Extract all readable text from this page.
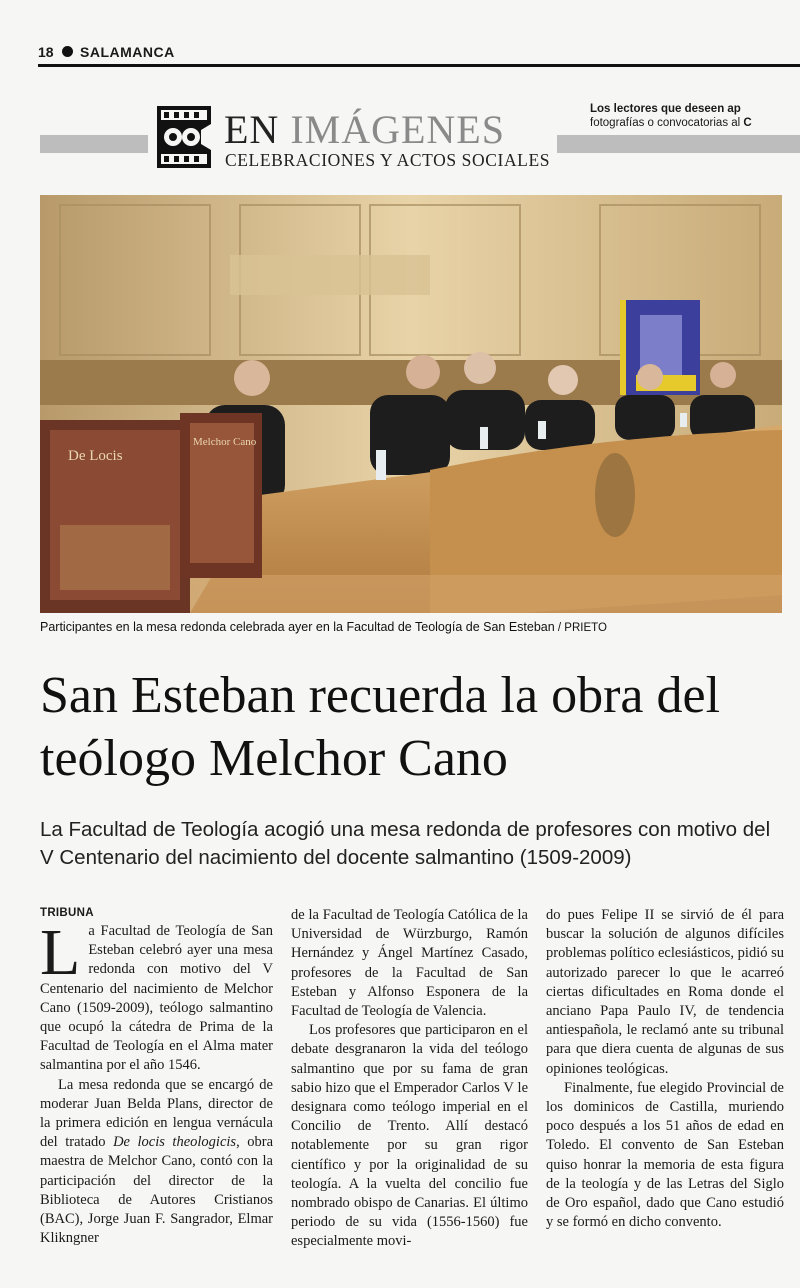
18 SALAMANCA
Los lectores que deseen ap
fotografías o convocatorias al C
EN IMÁGENES
CELEBRACIONES Y ACTOS SOCIALES
De Locis
Melchor Cano
Participantes en la mesa redonda celebrada ayer en la Facultad de Teología de San Esteban / PRIETO
San Esteban recuerda la obra del teólogo Melchor Cano
La Facultad de Teología acogió una mesa redonda de profesores con motivo del V Centenario del nacimiento del docente salmantino (1509-2009)
TRIBUNA

La Facultad de Teología de San Esteban celebró ayer una mesa redonda con motivo del V Centenario del nacimiento de Melchor Cano (1509-2009), teólogo salmantino que ocupó la cátedra de Prima de la Facultad de Teología en el Alma mater salmantina por el año 1546.

La mesa redonda que se encargó de moderar Juan Belda Plans, director de la primera edición en lengua vernácula del tratado De locis theologicis, obra maestra de Melchor Cano, contó con la participación del director de la Biblioteca de Autores Cristianos (BAC), Jorge Juan F. Sangrador, Elmar Klikngner

de la Facultad de Teología Católica de la Universidad de Würzburgo, Ramón Hernández y Ángel Martínez Casado, profesores de la Facultad de San Esteban y Alfonso Esponera de la Facultad de Teología de Valencia.

Los profesores que participaron en el debate desgranaron la vida del teólogo salmantino que por su fama de gran sabio hizo que el Emperador Carlos V le designara como teólogo imperial en el Concilio de Trento. Allí destacó notablemente por su gran rigor científico y por la originalidad de su teología. A la vuelta del concilio fue nombrado obispo de Canarias. El último periodo de su vida (1556-1560) fue especialmente movi-

do pues Felipe II se sirvió de él para buscar la solución de algunos difíciles problemas político eclesiásticos, pidió su autorizado parecer lo que le acarreó ciertas dificultades en Roma donde el anciano Papa Paulo IV, de tendencia antiespañola, le reclamó ante su tribunal para que diera cuenta de algunas de sus opiniones teológicas.

Finalmente, fue elegido Provincial de los dominicos de Castilla, muriendo poco después a los 51 años de edad en Toledo. El convento de San Esteban quiso honrar la memoria de esta figura de la teología y de las Letras del Siglo de Oro español, dado que Cano estudió y se formó en dicho convento.
